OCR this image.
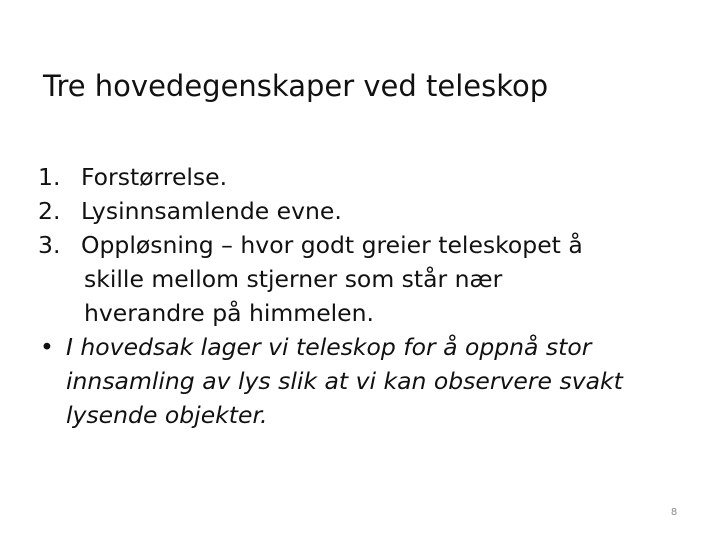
Tre hovedegenskaper ved teleskop
1. Forstørrelse.
2. Lysinnsamlende evne.
3. Oppløsning – hvor godt greier teleskopet å
skille mellom stjerner som står nær
hverandre på himmelen.
• I hovedsak lager vi teleskop for å oppnå stor
innsamling av lys slik at vi kan observere svakt
lysende objekter.
8
